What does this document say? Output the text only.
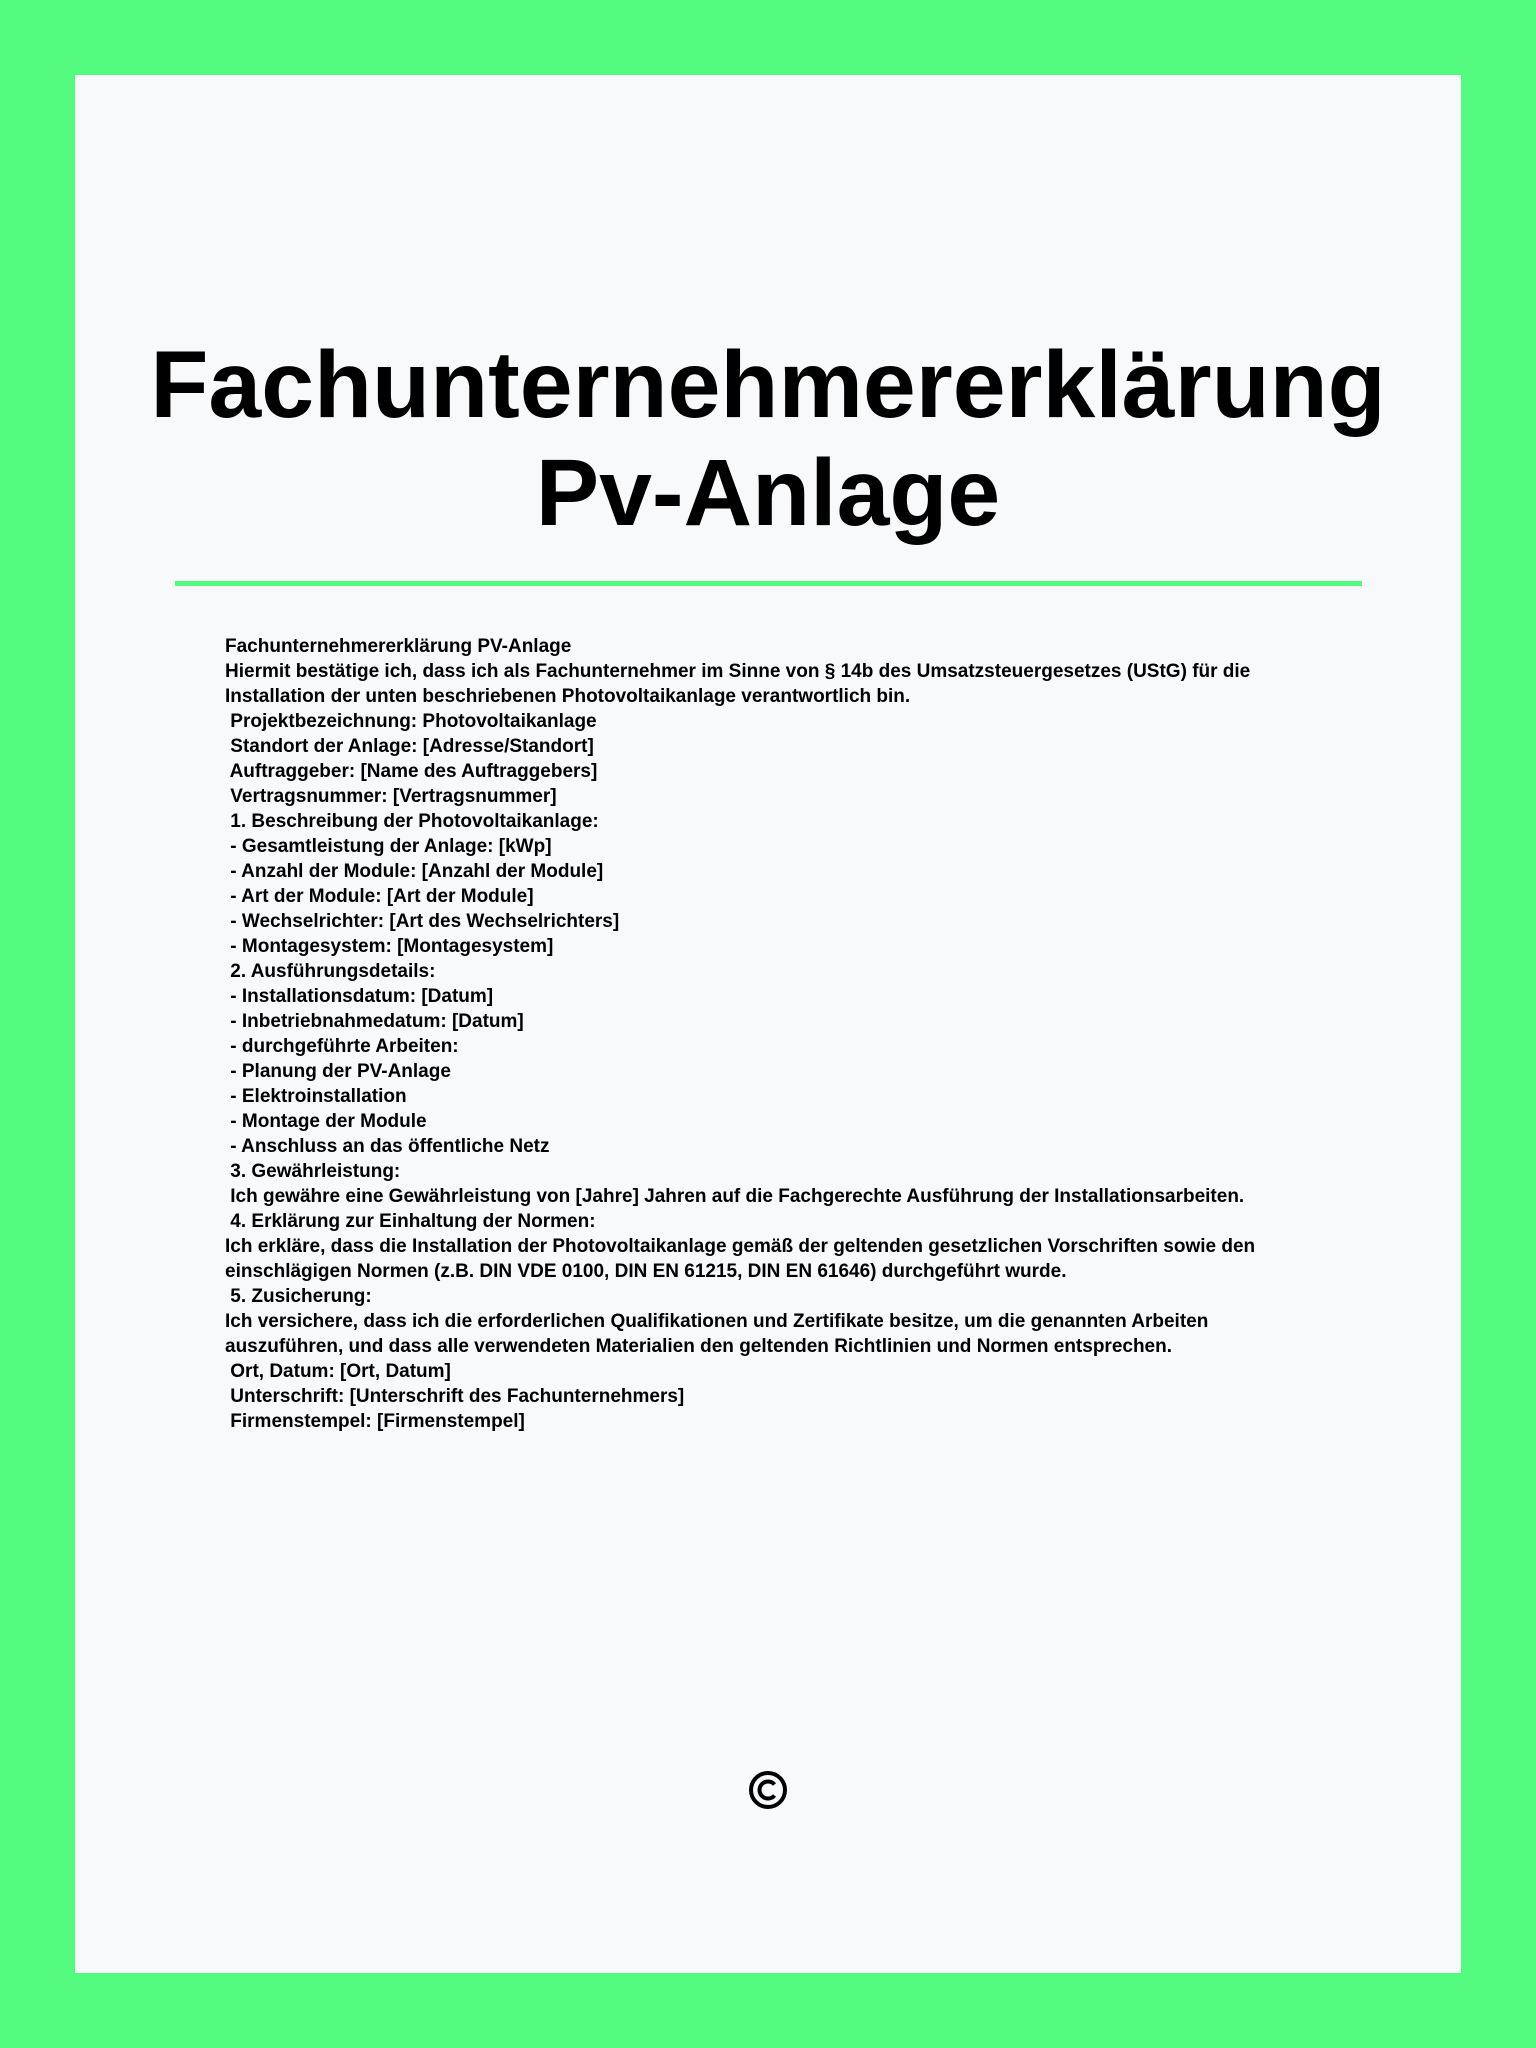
Fachunternehmererklärung
Pv-Anlage
Fachunternehmererklärung PV-Anlage
Hiermit bestätige ich, dass ich als Fachunternehmer im Sinne von § 14b des Umsatzsteuergesetzes (UStG) für die
Installation der unten beschriebenen Photovoltaikanlage verantwortlich bin.
Projektbezeichnung: Photovoltaikanlage
Standort der Anlage: [Adresse/Standort]
Auftraggeber: [Name des Auftraggebers]
Vertragsnummer: [Vertragsnummer]
1. Beschreibung der Photovoltaikanlage:
- Gesamtleistung der Anlage: [kWp]
- Anzahl der Module: [Anzahl der Module]
- Art der Module: [Art der Module]
- Wechselrichter: [Art des Wechselrichters]
- Montagesystem: [Montagesystem]
2. Ausführungsdetails:
- Installationsdatum: [Datum]
- Inbetriebnahmedatum: [Datum]
- durchgeführte Arbeiten:
- Planung der PV-Anlage
- Elektroinstallation
- Montage der Module
- Anschluss an das öffentliche Netz
3. Gewährleistung:
Ich gewähre eine Gewährleistung von [Jahre] Jahren auf die Fachgerechte Ausführung der Installationsarbeiten.
4. Erklärung zur Einhaltung der Normen:
Ich erkläre, dass die Installation der Photovoltaikanlage gemäß der geltenden gesetzlichen Vorschriften sowie den
einschlägigen Normen (z.B. DIN VDE 0100, DIN EN 61215, DIN EN 61646) durchgeführt wurde.
5. Zusicherung:
Ich versichere, dass ich die erforderlichen Qualifikationen und Zertifikate besitze, um die genannten Arbeiten
auszuführen, und dass alle verwendeten Materialien den geltenden Richtlinien und Normen entsprechen.
Ort, Datum: [Ort, Datum]
Unterschrift: [Unterschrift des Fachunternehmers]
Firmenstempel: [Firmenstempel]
